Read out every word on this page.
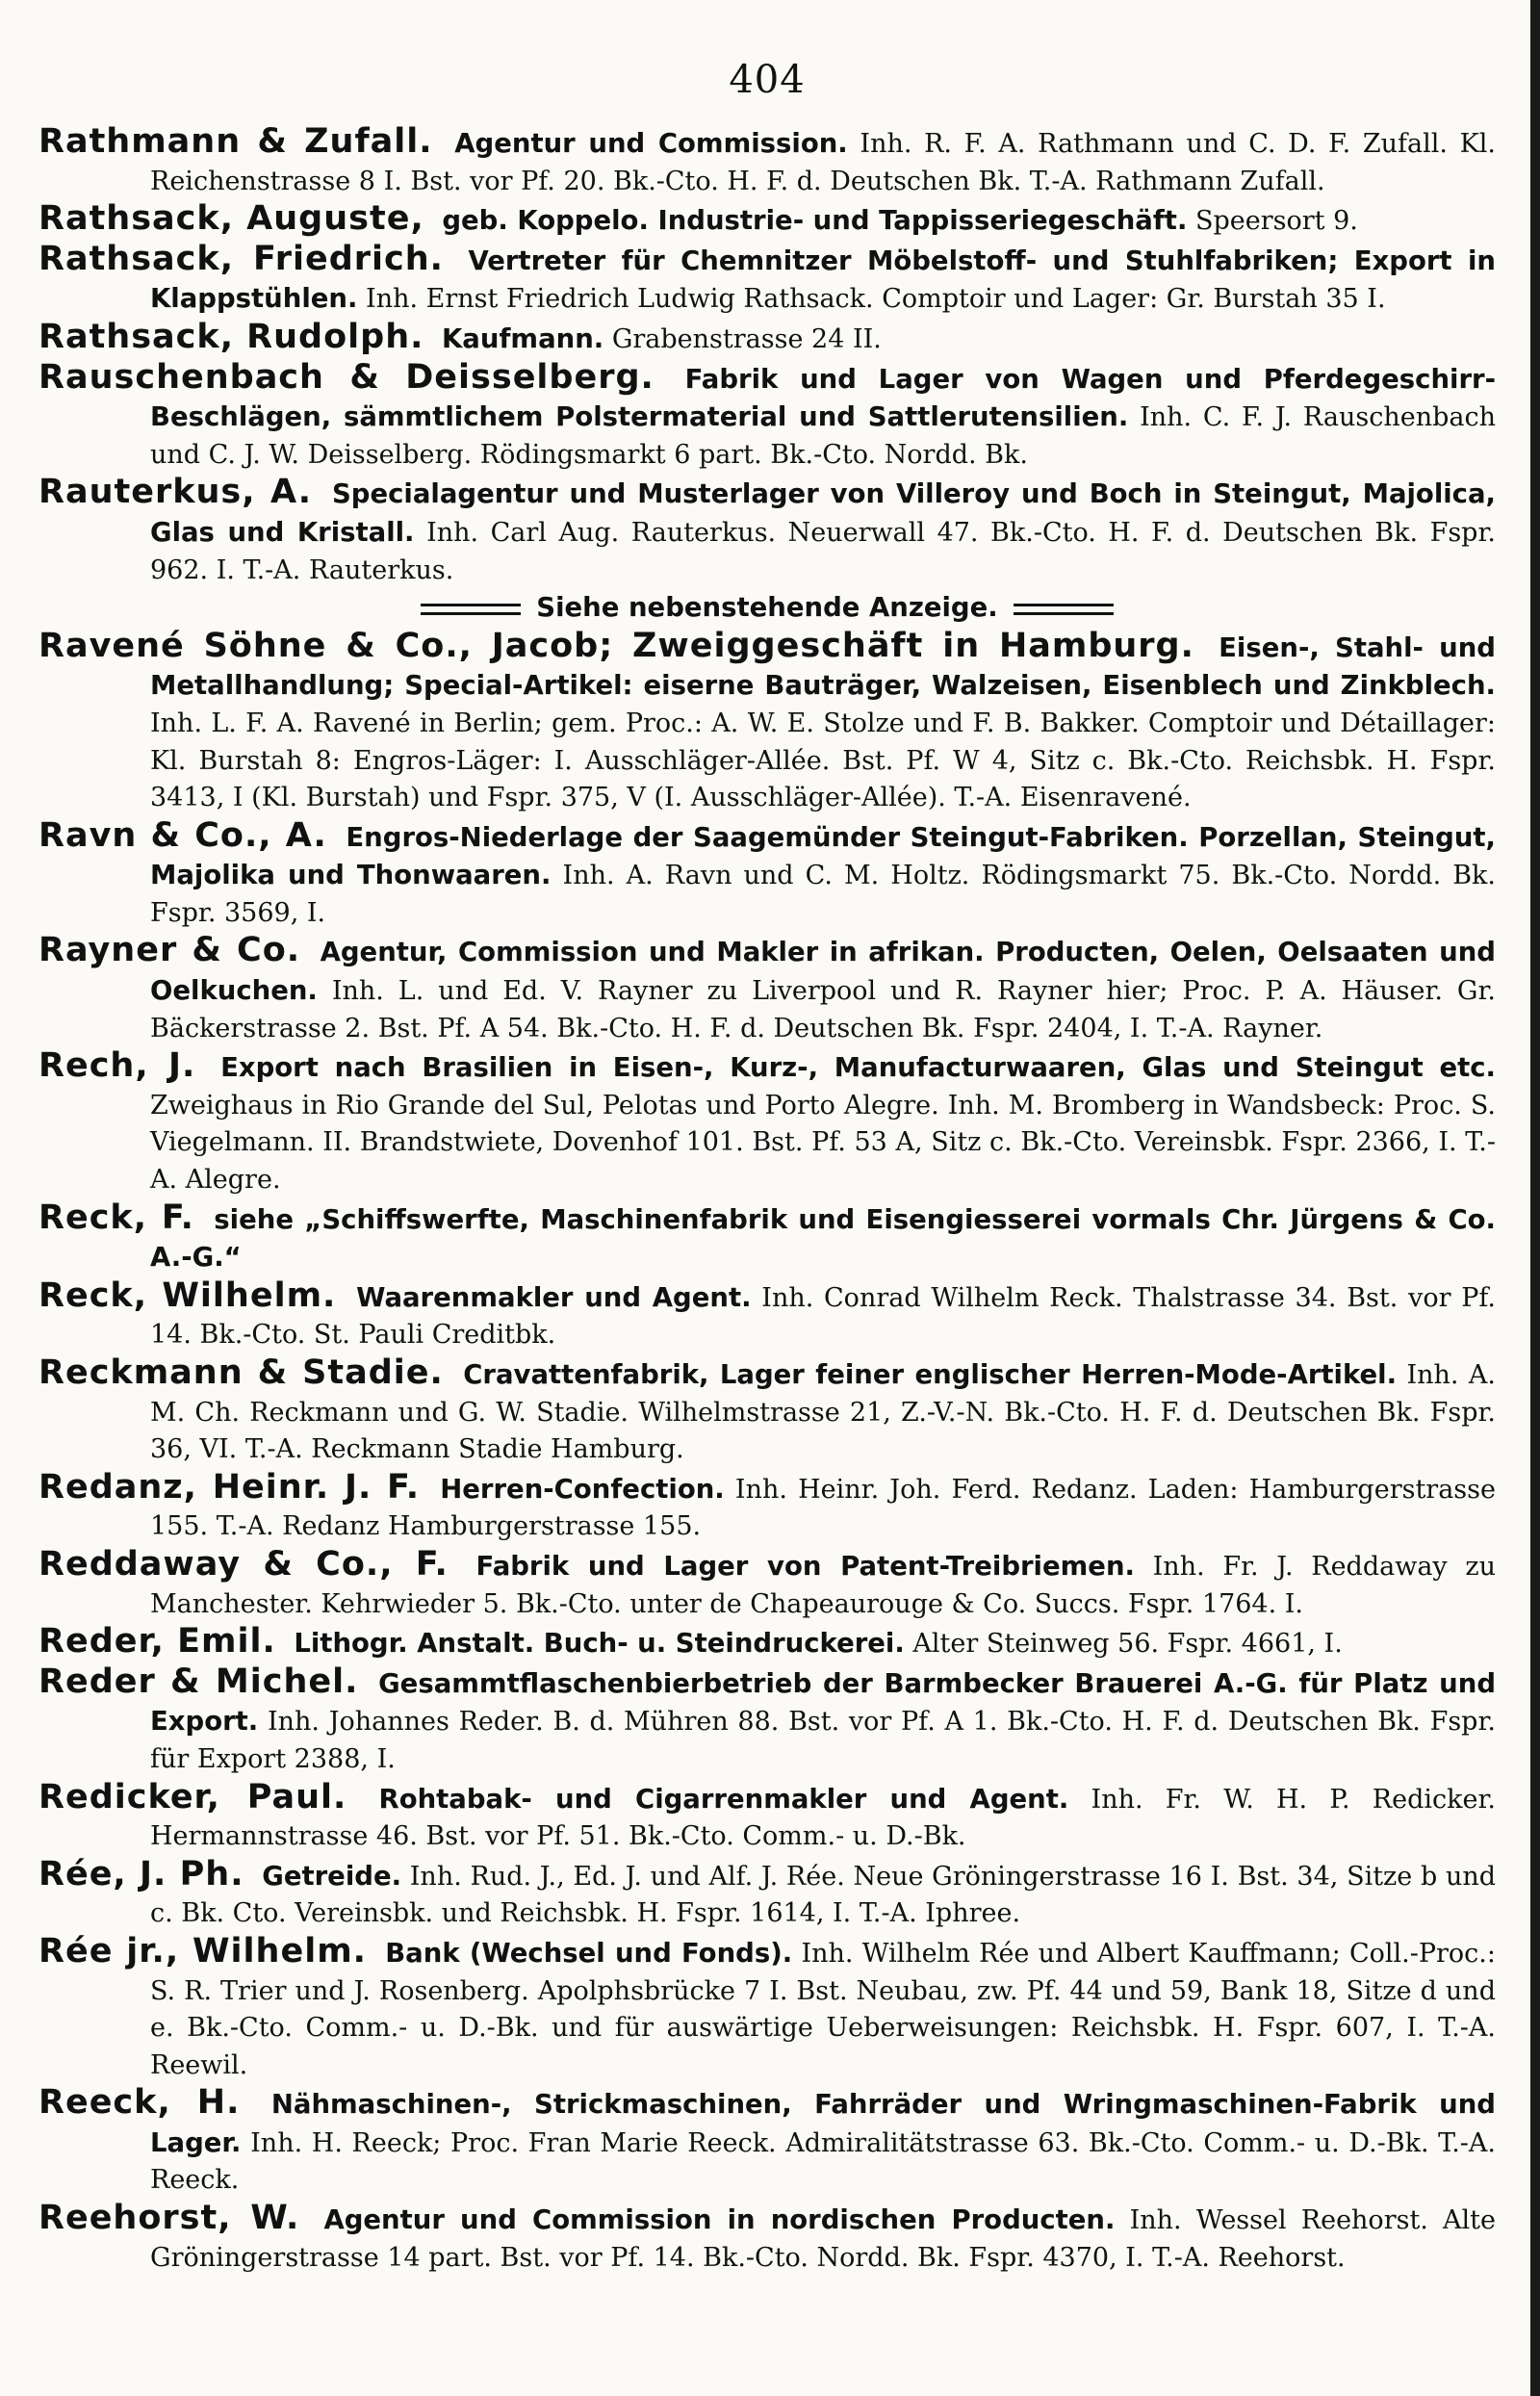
404

Rathmann & Zufall. Agentur und Commission. Inh. R. F. A. Rathmann und C. D. F. Zufall. Kl. Reichenstrasse 8 I. Bst. vor Pf. 20. Bk.-Cto. H. F. d. Deutschen Bk. T.-A. Rathmann Zufall.

Rathsack, Auguste, geb. Koppelo. Industrie- und Tappisseriegeschäft. Speersort 9.

Rathsack, Friedrich. Vertreter für Chemnitzer Möbelstoff- und Stuhlfabriken; Export in Klappstühlen. Inh. Ernst Friedrich Ludwig Rathsack. Comptoir und Lager: Gr. Burstah 35 I.

Rathsack, Rudolph. Kaufmann. Grabenstrasse 24 II.

Rauschenbach & Deisselberg. Fabrik und Lager von Wagen und Pferdegeschirr-Beschlägen, sämmtlichem Polstermaterial und Sattlerutensilien. Inh. C. F. J. Rauschenbach und C. J. W. Deisselberg. Rödingsmarkt 6 part. Bk.-Cto. Nordd. Bk.

Rauterkus, A. Specialagentur und Musterlager von Villeroy und Boch in Steingut, Majolica, Glas und Kristall. Inh. Carl Aug. Rauterkus. Neuerwall 47. Bk.-Cto. H. F. d. Deutschen Bk. Fspr. 962. I. T.-A. Rauterkus.

Siehe nebenstehende Anzeige.

Ravené Söhne & Co., Jacob; Zweiggeschäft in Hamburg. Eisen-, Stahl- und Metallhandlung; Special-Artikel: eiserne Bauträger, Walzeisen, Eisenblech und Zinkblech. Inh. L. F. A. Ravené in Berlin; gem. Proc.: A. W. E. Stolze und F. B. Bakker. Comptoir und Détaillager: Kl. Burstah 8: Engros-Läger: I. Ausschläger-Allée. Bst. Pf. W 4, Sitz c. Bk.-Cto. Reichsbk. H. Fspr. 3413, I (Kl. Burstah) und Fspr. 375, V (I. Ausschläger-Allée). T.-A. Eisenravené.

Ravn & Co., A. Engros-Niederlage der Saagemünder Steingut-Fabriken. Porzellan, Steingut, Majolika und Thonwaaren. Inh. A. Ravn und C. M. Holtz. Rödingsmarkt 75. Bk.-Cto. Nordd. Bk. Fspr. 3569, I.

Rayner & Co. Agentur, Commission und Makler in afrikan. Producten, Oelen, Oelsaaten und Oelkuchen. Inh. L. und Ed. V. Rayner zu Liverpool und R. Rayner hier; Proc. P. A. Häuser. Gr. Bäckerstrasse 2. Bst. Pf. A 54. Bk.-Cto. H. F. d. Deutschen Bk. Fspr. 2404, I. T.-A. Rayner.

Rech, J. Export nach Brasilien in Eisen-, Kurz-, Manufacturwaaren, Glas und Steingut etc. Zweighaus in Rio Grande del Sul, Pelotas und Porto Alegre. Inh. M. Bromberg in Wandsbeck: Proc. S. Viegelmann. II. Brandstwiete, Dovenhof 101. Bst. Pf. 53 A, Sitz c. Bk.-Cto. Vereinsbk. Fspr. 2366, I. T.-A. Alegre.

Reck, F. siehe „Schiffswerfte, Maschinenfabrik und Eisengiesserei vormals Chr. Jürgens & Co. A.-G.“

Reck, Wilhelm. Waarenmakler und Agent. Inh. Conrad Wilhelm Reck. Thalstrasse 34. Bst. vor Pf. 14. Bk.-Cto. St. Pauli Creditbk.

Reckmann & Stadie. Cravattenfabrik, Lager feiner englischer Herren-Mode-Artikel. Inh. A. M. Ch. Reckmann und G. W. Stadie. Wilhelmstrasse 21, Z.-V.-N. Bk.-Cto. H. F. d. Deutschen Bk. Fspr. 36, VI. T.-A. Reckmann Stadie Hamburg.

Redanz, Heinr. J. F. Herren-Confection. Inh. Heinr. Joh. Ferd. Redanz. Laden: Hamburgerstrasse 155. T.-A. Redanz Hamburgerstrasse 155.

Reddaway & Co., F. Fabrik und Lager von Patent-Treibriemen. Inh. Fr. J. Reddaway zu Manchester. Kehrwieder 5. Bk.-Cto. unter de Chapeaurouge & Co. Succs. Fspr. 1764. I.

Reder, Emil. Lithogr. Anstalt. Buch- u. Steindruckerei. Alter Steinweg 56. Fspr. 4661, I.

Reder & Michel. Gesammtflaschenbierbetrieb der Barmbecker Brauerei A.-G. für Platz und Export. Inh. Johannes Reder. B. d. Mühren 88. Bst. vor Pf. A 1. Bk.-Cto. H. F. d. Deutschen Bk. Fspr. für Export 2388, I.

Redicker, Paul. Rohtabak- und Cigarrenmakler und Agent. Inh. Fr. W. H. P. Redicker. Hermannstrasse 46. Bst. vor Pf. 51. Bk.-Cto. Comm.- u. D.-Bk.

Rée, J. Ph. Getreide. Inh. Rud. J., Ed. J. und Alf. J. Rée. Neue Gröningerstrasse 16 I. Bst. 34, Sitze b und c. Bk. Cto. Vereinsbk. und Reichsbk. H. Fspr. 1614, I. T.-A. Iphree.

Rée jr., Wilhelm. Bank (Wechsel und Fonds). Inh. Wilhelm Rée und Albert Kauffmann; Coll.-Proc.: S. R. Trier und J. Rosenberg. Apolphsbrücke 7 I. Bst. Neubau, zw. Pf. 44 und 59, Bank 18, Sitze d und e. Bk.-Cto. Comm.- u. D.-Bk. und für auswärtige Ueberweisungen: Reichsbk. H. Fspr. 607, I. T.-A. Reewil.

Reeck, H. Nähmaschinen-, Strickmaschinen, Fahrräder und Wringmaschinen-Fabrik und Lager. Inh. H. Reeck; Proc. Fran Marie Reeck. Admiralitätstrasse 63. Bk.-Cto. Comm.- u. D.-Bk. T.-A. Reeck.

Reehorst, W. Agentur und Commission in nordischen Producten. Inh. Wessel Reehorst. Alte Gröningerstrasse 14 part. Bst. vor Pf. 14. Bk.-Cto. Nordd. Bk. Fspr. 4370, I. T.-A. Reehorst.
